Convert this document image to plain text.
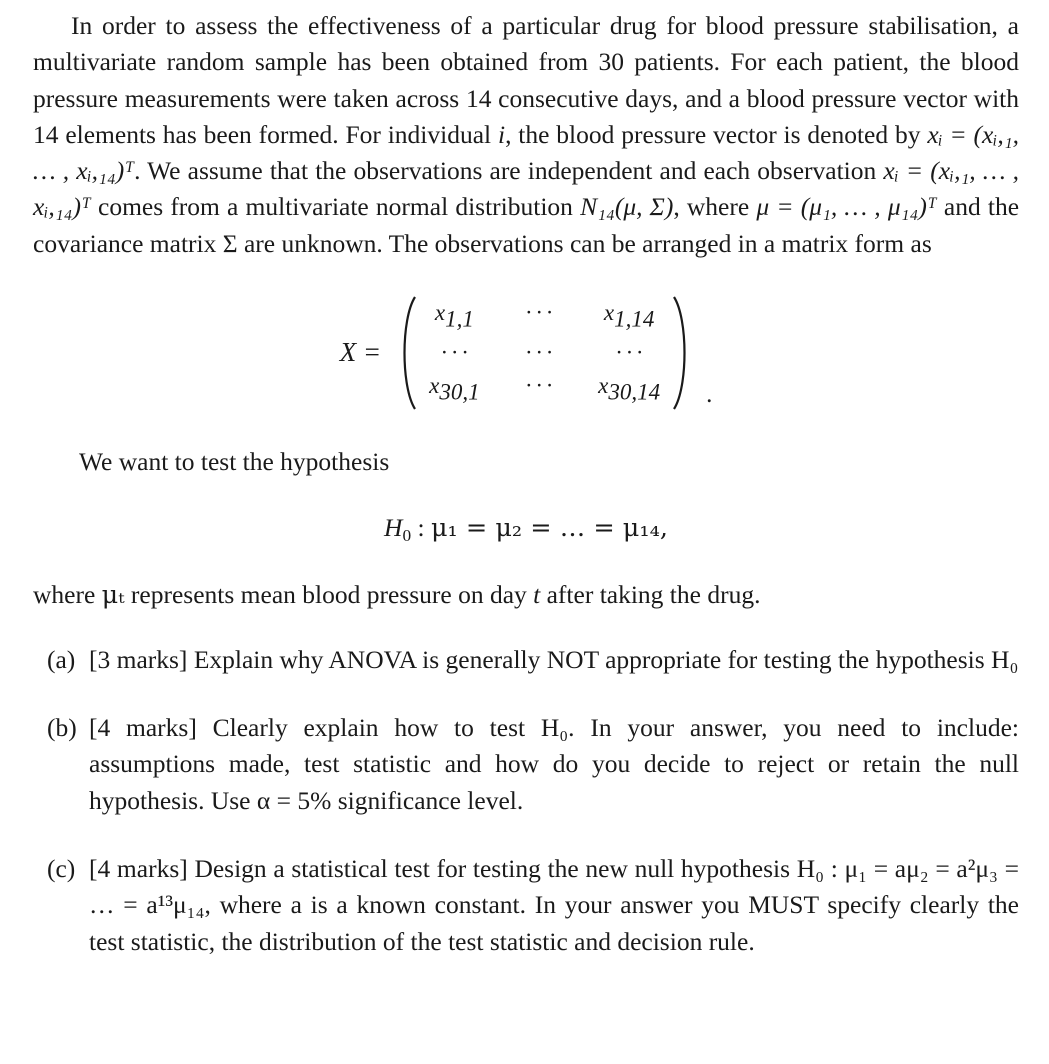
In order to assess the effectiveness of a particular drug for blood pressure stabilisation, a multivariate random sample has been obtained from 30 patients. For each patient, the blood pressure measurements were taken across 14 consecutive days, and a blood pressure vector with 14 elements has been formed. For individual i, the blood pressure vector is denoted by xᵢ = (xᵢ,₁, … , xᵢ,₁₄)ᵀ. We assume that the observations are independent and each observation xᵢ = (xᵢ,₁, … , xᵢ,₁₄)ᵀ comes from a multivariate normal distribution N₁₄(μ, Σ), where μ = (μ₁, … , μ₁₄)ᵀ and the covariance matrix Σ are unknown. The observations can be arranged in a matrix form as

X =
x1,1 · · · x1,14
· · ·	· · ·	· · ·
x30,1 · · · x30,14 .
We want to test the hypothesis
H0 : μ₁ = μ₂ = … = μ₁₄,
where μₜ represents mean blood pressure on day t after taking the drug.
(a) [3 marks] Explain why ANOVA is generally NOT appropriate for testing the hypothesis H₀
(b) [4 marks] Clearly explain how to test H₀. In your answer, you need to include: assumptions made, test statistic and how do you decide to reject or retain the null hypothesis. Use α = 5% significance level.
(c) [4 marks] Design a statistical test for testing the new null hypothesis H₀ : μ₁ = aμ₂ = a²μ₃ = … = a¹³μ₁₄, where a is a known constant. In your answer you MUST specify clearly the test statistic, the distribution of the test statistic and decision rule.
